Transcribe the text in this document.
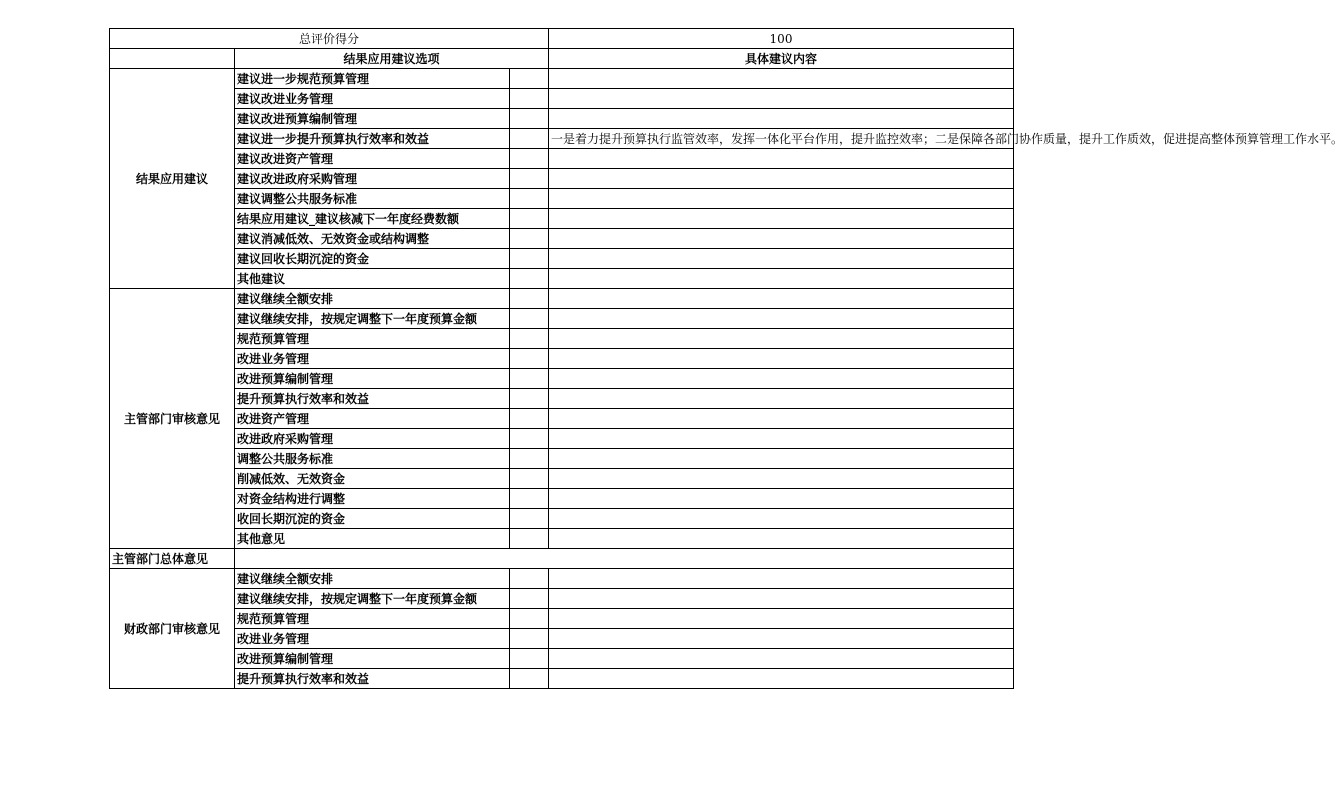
总评价得分			100
	结果应用建议选项		具体建议内容
结果应用建议	建议进一步规范预算管理		
	建议改进业务管理		
	建议改进预算编制管理		
	建议进一步提升预算执行效率和效益		一是着力提升预算执行监管效率，发挥一体化平台作用，提升监控效率；二是保障各部门协作质量，提升工作质效，促进提高整体预算管理工作水平。
	建议改进资产管理		
	建议改进政府采购管理		
	建议调整公共服务标准		
	结果应用建议_建议核减下一年度经费数额		
	建议消减低效、无效资金或结构调整		
	建议回收长期沉淀的资金		
	其他建议		
主管部门审核意见	建议继续全额安排		
	建议继续安排，按规定调整下一年度预算金额		
	规范预算管理		
	改进业务管理		
	改进预算编制管理		
	提升预算执行效率和效益		
	改进资产管理		
	改进政府采购管理		
	调整公共服务标准		
	削减低效、无效资金		
	对资金结构进行调整		
	收回长期沉淀的资金		
	其他意见		
主管部门总体意见			
财政部门审核意见	建议继续全额安排		
	建议继续安排，按规定调整下一年度预算金额		
	规范预算管理		
	改进业务管理		
	改进预算编制管理		
	提升预算执行效率和效益		
